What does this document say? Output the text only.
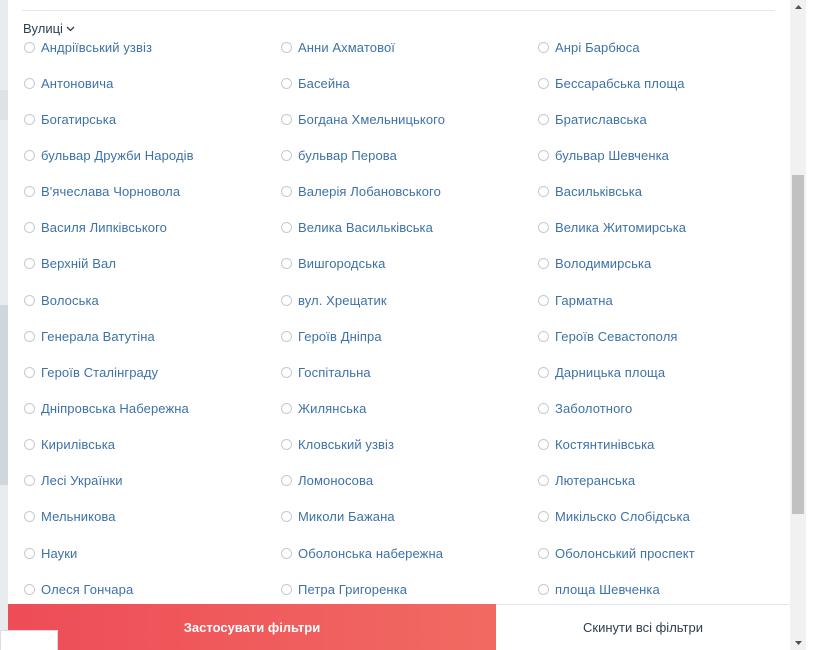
Вулиці
Андріївський узвіз	Анни Ахматової	Анрі Барбюса
Антоновича	Басейна	Бессарабська площа
Богатирська	Богдана Хмельницького	Братиславська
бульвар Дружби Народів	бульвар Перова	бульвар Шевченка
В'ячеслава Чорновола	Валерія Лобановського	Васильківська
Василя Липківського	Велика Васильківська	Велика Житомирська
Верхній Вал	Вишгородська	Володимирська
Волоська	вул. Хрещатик	Гарматна
Генерала Ватутіна	Героїв Дніпра	Героїв Севастополя
Героїв Сталінграду	Госпітальна	Дарницька площа
Дніпровська Набережна	Жилянська	Заболотного
Кирилівська	Кловський узвіз	Костянтинівська
Лесі Українки	Ломоносова	Лютеранська
Мельникова	Миколи Бажана	Микільско Слобідська
Науки	Оболонська набережна	Оболонський проспект
Олеся Гончара	Петра Григоренка	площа Шевченка
Застосувати фільтри	Скинути всі фільтри
